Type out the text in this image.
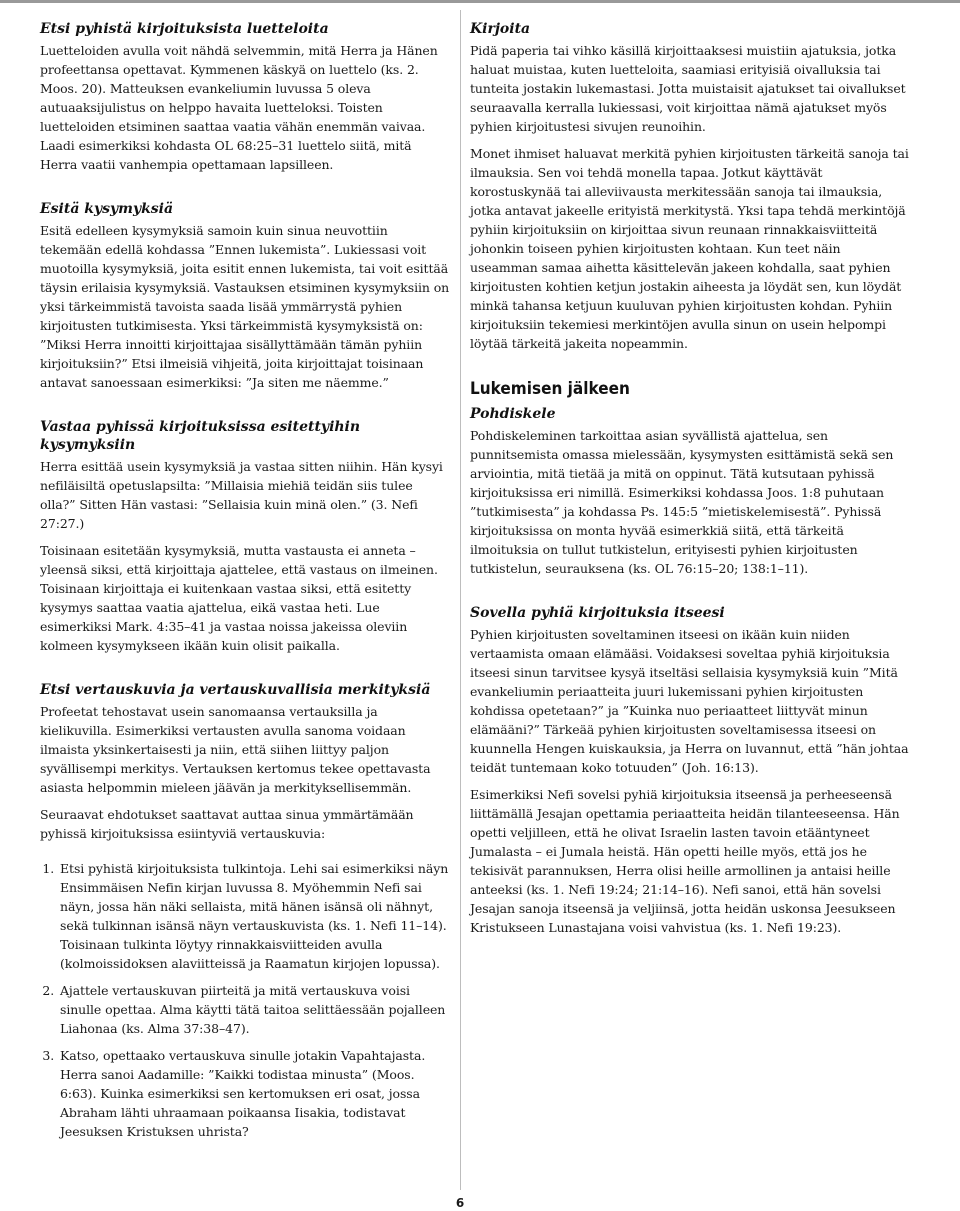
Etsi pyhistä kirjoituksista luetteloita

Luetteloiden avulla voit nähdä selvemmin, mitä Herra ja Hänen profeettansa opettavat. Kymmenen käskyä on luettelo (ks. 2. Moos. 20). Matteuksen evankeliumin luvussa 5 oleva autuaaksijulistus on helppo havaita luetteloksi. Toisten luetteloiden etsiminen saattaa vaatia vähän enemmän vaivaa. Laadi esimerkiksi kohdasta OL 68:25–31 luettelo siitä, mitä Herra vaatii vanhempia opettamaan lapsilleen.

Esitä kysymyksiä

Esitä edelleen kysymyksiä samoin kuin sinua neuvottiin tekemään edellä kohdassa ”Ennen lukemista”. Lukiessasi voit muotoilla kysymyksiä, joita esitit ennen lukemista, tai voit esittää täysin erilaisia kysymyksiä. Vastauksen etsiminen kysymyksiin on yksi tärkeimmistä tavoista saada lisää ymmärrystä pyhien kirjoitusten tutkimisesta. Yksi tärkeimmistä kysymyksistä on: ”Miksi Herra innoitti kirjoittajaa sisällyttämään tämän pyhiin kirjoituksiin?” Etsi ilmeisiä vihjeitä, joita kirjoittajat toisinaan antavat sanoessaan esimerkiksi: ”Ja siten me näemme.”

Vastaa pyhissä kirjoituksissa esitettyihin kysymyksiin

Herra esittää usein kysymyksiä ja vastaa sitten niihin. Hän kysyi nefiläisiltä opetuslapsilta: ”Millaisia miehiä teidän siis tulee olla?” Sitten Hän vastasi: ”Sellaisia kuin minä olen.” (3. Nefi 27:27.)

Toisinaan esitetään kysymyksiä, mutta vastausta ei anneta – yleensä siksi, että kirjoittaja ajattelee, että vastaus on ilmeinen. Toisinaan kirjoittaja ei kuitenkaan vastaa siksi, että esitetty kysymys saattaa vaatia ajattelua, eikä vastaa heti. Lue esimerkiksi Mark. 4:35–41 ja vastaa noissa jakeissa oleviin kolmeen kysymykseen ikään kuin olisit paikalla.

Etsi vertauskuvia ja vertauskuvallisia merkityksiä

Profeetat tehostavat usein sanomaansa vertauksilla ja kielikuvilla. Esimerkiksi vertausten avulla sanoma voidaan ilmaista yksinkertaisesti ja niin, että siihen liittyy paljon syvällisempi merkitys. Vertauksen kertomus tekee opettavasta asiasta helpommin mieleen jäävän ja merkityksellisemmän.

Seuraavat ehdotukset saattavat auttaa sinua ymmärtämään pyhissä kirjoituksissa esiintyviä vertauskuvia:

1. Etsi pyhistä kirjoituksista tulkintoja. Lehi sai esimerkiksi näyn Ensimmäisen Nefin kirjan luvussa 8. Myöhemmin Nefi sai näyn, jossa hän näki sellaista, mitä hänen isänsä oli nähnyt, sekä tulkinnan isänsä näyn vertauskuvista (ks. 1. Nefi 11–14). Toisinaan tulkinta löytyy rinnakkaisviitteiden avulla (kolmoissidoksen alaviitteissä ja Raamatun kirjojen lopussa).
2. Ajattele vertauskuvan piirteitä ja mitä vertauskuva voisi sinulle opettaa. Alma käytti tätä taitoa selittäessään pojalleen Liahonaa (ks. Alma 37:38–47).
3. Katso, opettaako vertauskuva sinulle jotakin Vapahtajasta. Herra sanoi Aadamille: ”Kaikki todistaa minusta” (Moos. 6:63). Kuinka esimerkiksi sen kertomuksen eri osat, jossa Abraham lähti uhraamaan poikaansa Iisakia, todistavat Jeesuksen Kristuksen uhrista?
Kirjoita

Pidä paperia tai vihko käsillä kirjoittaaksesi muistiin ajatuksia, jotka haluat muistaa, kuten luetteloita, saamiasi erityisiä oivalluksia tai tunteita jostakin lukemastasi. Jotta muistaisit ajatukset tai oivallukset seuraavalla kerralla lukiessasi, voit kirjoittaa nämä ajatukset myös pyhien kirjoitustesi sivujen reunoihin.

Monet ihmiset haluavat merkitä pyhien kirjoitusten tärkeitä sanoja tai ilmauksia. Sen voi tehdä monella tapaa. Jotkut käyttävät korostuskynää tai alleviivausta merkitessään sanoja tai ilmauksia, jotka antavat jakeelle erityistä merkitystä. Yksi tapa tehdä merkintöjä pyhiin kirjoituksiin on kirjoittaa sivun reunaan rinnakkaisviitteitä johonkin toiseen pyhien kirjoitusten kohtaan. Kun teet näin useamman samaa aihetta käsittelevän jakeen kohdalla, saat pyhien kirjoitusten kohtien ketjun jostakin aiheesta ja löydät sen, kun löydät minkä tahansa ketjuun kuuluvan pyhien kirjoitusten kohdan. Pyhiin kirjoituksiin tekemiesi merkintöjen avulla sinun on usein helpompi löytää tärkeitä jakeita nopeammin.

Lukemisen jälkeen
Pohdiskele

Pohdiskeleminen tarkoittaa asian syvällistä ajattelua, sen punnitsemista omassa mielessään, kysymysten esittämistä sekä sen arviointia, mitä tietää ja mitä on oppinut. Tätä kutsutaan pyhissä kirjoituksissa eri nimillä. Esimerkiksi kohdassa Joos. 1:8 puhutaan ”tutkimisesta” ja kohdassa Ps. 145:5 ”mietiskelemisestä”. Pyhissä kirjoituksissa on monta hyvää esimerkkiä siitä, että tärkeitä ilmoituksia on tullut tutkistelun, erityisesti pyhien kirjoitusten tutkistelun, seurauksena (ks. OL 76:15–20; 138:1–11).

Sovella pyhiä kirjoituksia itseesi

Pyhien kirjoitusten soveltaminen itseesi on ikään kuin niiden vertaamista omaan elämääsi. Voidaksesi soveltaa pyhiä kirjoituksia itseesi sinun tarvitsee kysyä itseltäsi sellaisia kysymyksiä kuin ”Mitä evankeliumin periaatteita juuri lukemissani pyhien kirjoitusten kohdissa opetetaan?” ja ”Kuinka nuo periaatteet liittyvät minun elämääni?” Tärkeää pyhien kirjoitusten soveltamisessa itseesi on kuunnella Hengen kuiskauksia, ja Herra on luvannut, että ”hän johtaa teidät tuntemaan koko totuuden” (Joh. 16:13).

Esimerkiksi Nefi sovelsi pyhiä kirjoituksia itseensä ja perheeseensä liittämällä Jesajan opettamia periaatteita heidän tilanteeseensa. Hän opetti veljilleen, että he olivat Israelin lasten tavoin etääntyneet Jumalasta – ei Jumala heistä. Hän opetti heille myös, että jos he tekisivät parannuksen, Herra olisi heille armollinen ja antaisi heille anteeksi (ks. 1. Nefi 19:24; 21:14–16). Nefi sanoi, että hän sovelsi Jesajan sanoja itseensä ja veljiinsä, jotta heidän uskonsa Jeesukseen Kristukseen Lunastajana voisi vahvistua (ks. 1. Nefi 19:23).

6
